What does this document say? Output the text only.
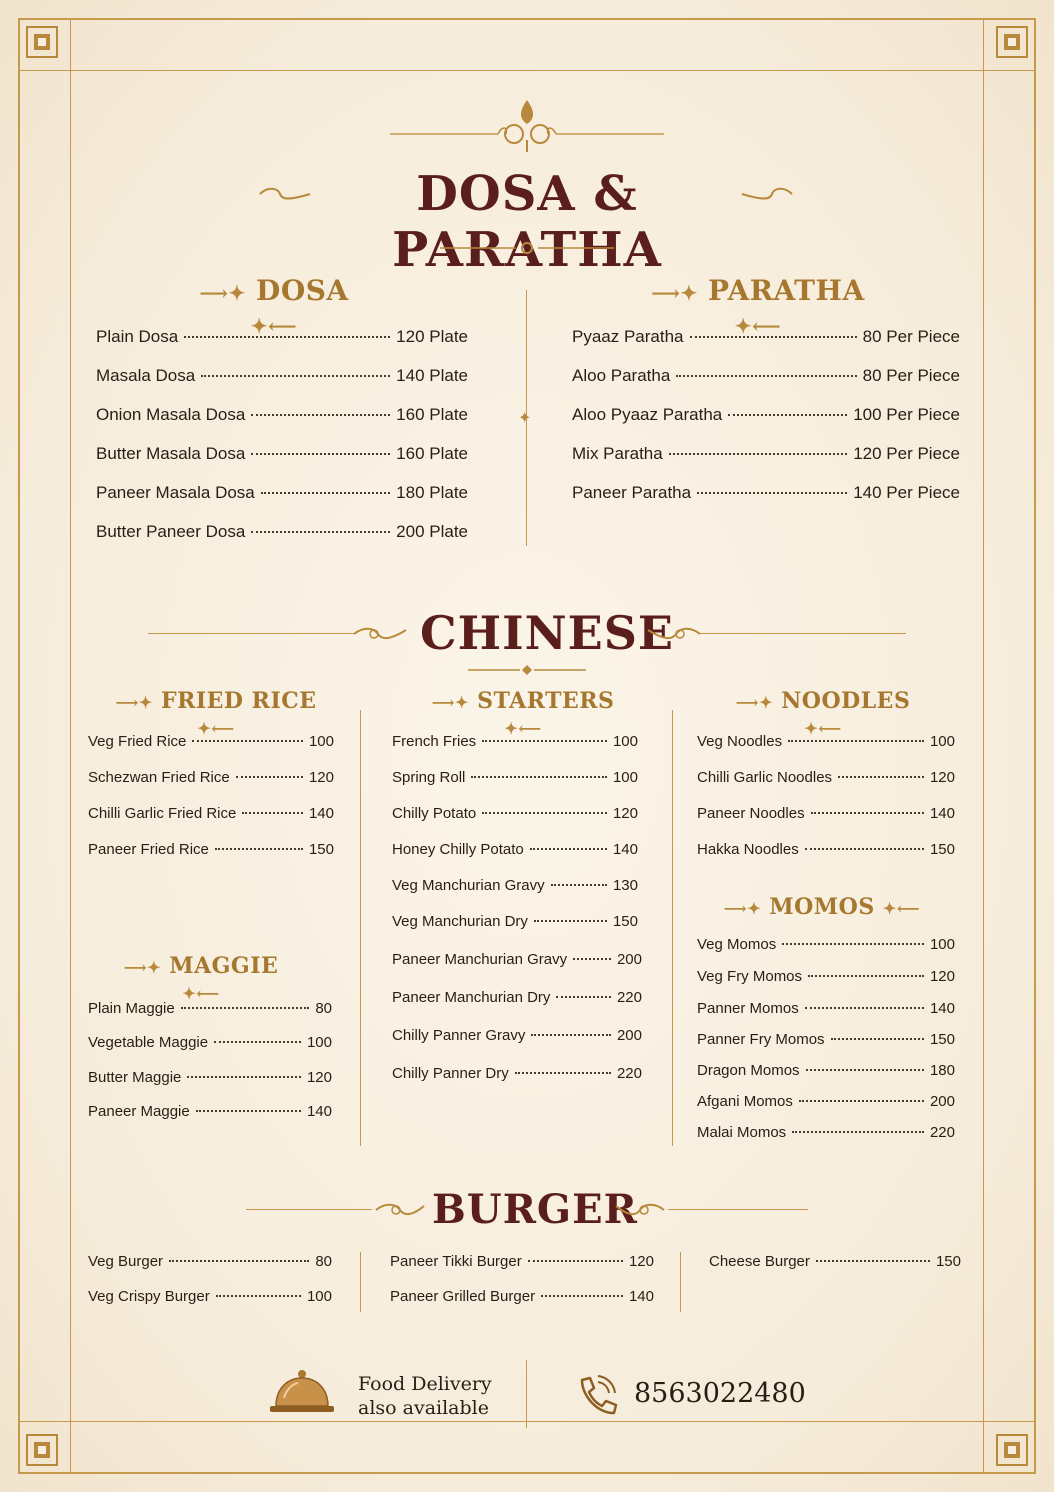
DOSA & PARATHA
⟶✦ DOSA ✦⟵
⟶✦ PARATHA ✦⟵
✦
Plain Dosa	120 Plate
Masala Dosa	140 Plate
Onion Masala Dosa	160 Plate
Butter Masala Dosa	160 Plate
Paneer Masala Dosa	180 Plate
Butter Paneer Dosa	200 Plate
Pyaaz Paratha	80 Per Piece
Aloo Paratha	80 Per Piece
Aloo Pyaaz Paratha	100 Per Piece
Mix Paratha	120 Per Piece
Paneer Paratha	140 Per Piece
CHINESE
⟶✦ FRIED RICE ✦⟵
Veg Fried Rice	100
Schezwan Fried Rice	120
Chilli Garlic Fried Rice	140
Paneer Fried Rice	150
⟶✦ MAGGIE ✦⟵
Plain Maggie	80
Vegetable Maggie	100
Butter Maggie	120
Paneer Maggie	140
⟶✦ STARTERS ✦⟵
French Fries	100
Spring Roll	100
Chilly Potato	120
Honey Chilly Potato	140
Veg Manchurian Gravy	130
Veg Manchurian Dry	150
Paneer Manchurian Gravy	200
Paneer Manchurian Dry	220
Chilly Panner Gravy	200
Chilly Panner Dry	220
⟶✦ NOODLES ✦⟵
Veg Noodles	100
Chilli Garlic Noodles	120
Paneer Noodles	140
Hakka Noodles	150
⟶✦ MOMOS ✦⟵
Veg Momos	100
Veg Fry Momos	120
Panner Momos	140
Panner Fry Momos	150
Dragon Momos	180
Afgani Momos	200
Malai Momos	220
BURGER
Veg Burger	80
Veg Crispy Burger	100
Paneer Tikki Burger	120
Paneer Grilled Burger	140
Cheese Burger	150
Food Delivery
also available	8563022480
